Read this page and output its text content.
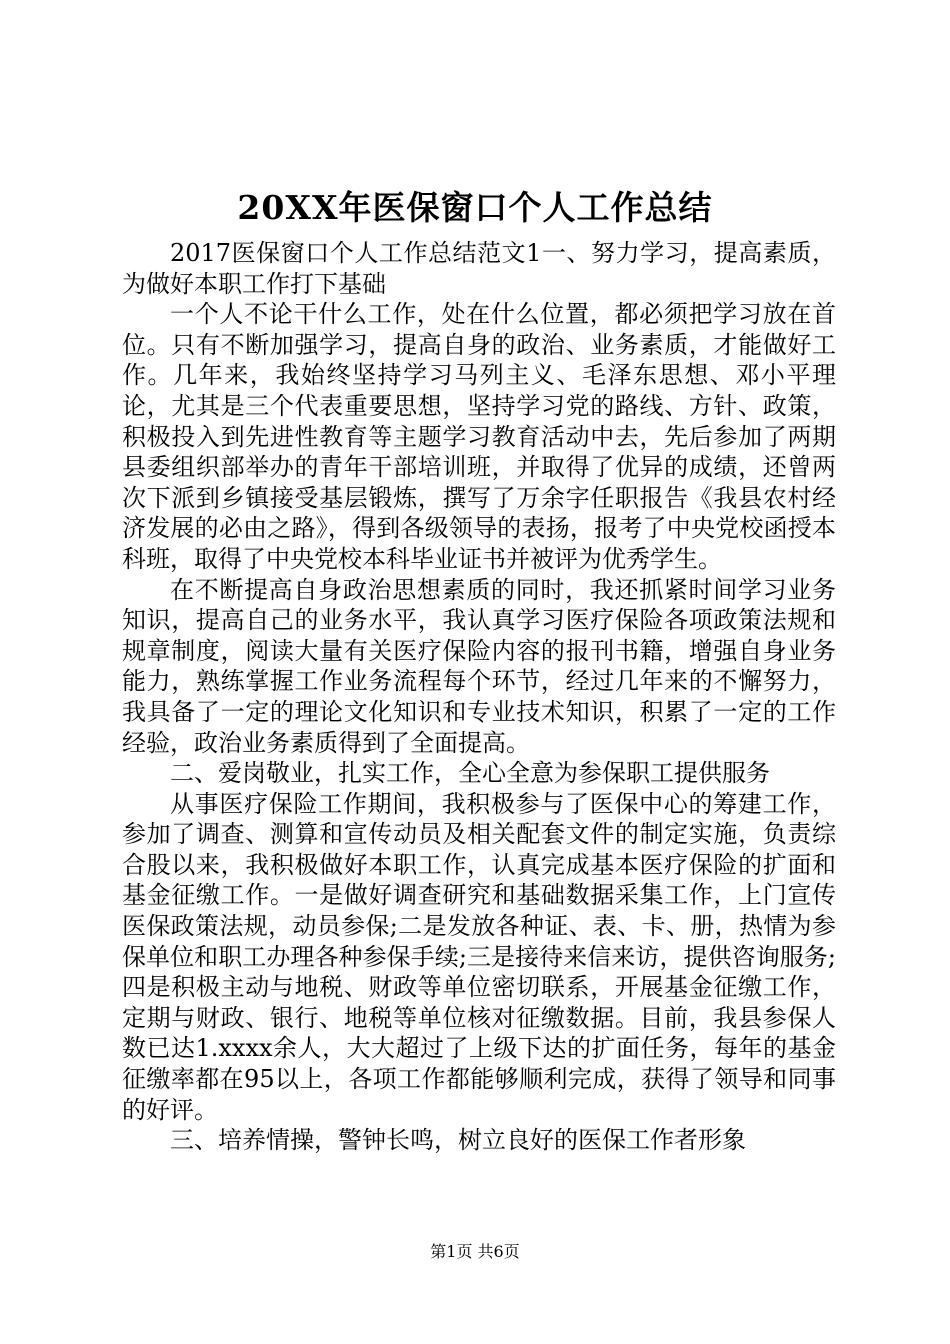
20XX年医保窗口个人工作总结

2017医保窗口个人工作总结范文1一、努力学习，提高素质，为做好本职工作打下基础

一个人不论干什么工作，处在什么位置，都必须把学习放在首位。只有不断加强学习，提高自身的政治、业务素质，才能做好工作。几年来，我始终坚持学习马列主义、毛泽东思想、邓小平理论，尤其是三个代表重要思想，坚持学习党的路线、方针、政策，积极投入到先进性教育等主题学习教育活动中去，先后参加了两期县委组织部举办的青年干部培训班，并取得了优异的成绩，还曾两次下派到乡镇接受基层锻炼，撰写了万余字任职报告《我县农村经济发展的必由之路》，得到各级领导的表扬，报考了中央党校函授本科班，取得了中央党校本科毕业证书并被评为优秀学生。

在不断提高自身政治思想素质的同时，我还抓紧时间学习业务知识，提高自己的业务水平，我认真学习医疗保险各项政策法规和规章制度，阅读大量有关医疗保险内容的报刊书籍，增强自身业务能力，熟练掌握工作业务流程每个环节，经过几年来的不懈努力，我具备了一定的理论文化知识和专业技术知识，积累了一定的工作经验，政治业务素质得到了全面提高。

二、爱岗敬业，扎实工作，全心全意为参保职工提供服务

从事医疗保险工作期间，我积极参与了医保中心的筹建工作，参加了调查、测算和宣传动员及相关配套文件的制定实施，负责综合股以来，我积极做好本职工作，认真完成基本医疗保险的扩面和基金征缴工作。一是做好调查研究和基础数据采集工作，上门宣传医保政策法规，动员参保;二是发放各种证、表、卡、册，热情为参保单位和职工办理各种参保手续;三是接待来信来访，提供咨询服务;四是积极主动与地税、财政等单位密切联系，开展基金征缴工作，定期与财政、银行、地税等单位核对征缴数据。目前，我县参保人数已达1.xxxx余人，大大超过了上级下达的扩面任务，每年的基金征缴率都在95以上，各项工作都能够顺利完成，获得了领导和同事的好评。

三、培养情操，警钟长鸣，树立良好的医保工作者形象

第1页 共6页
